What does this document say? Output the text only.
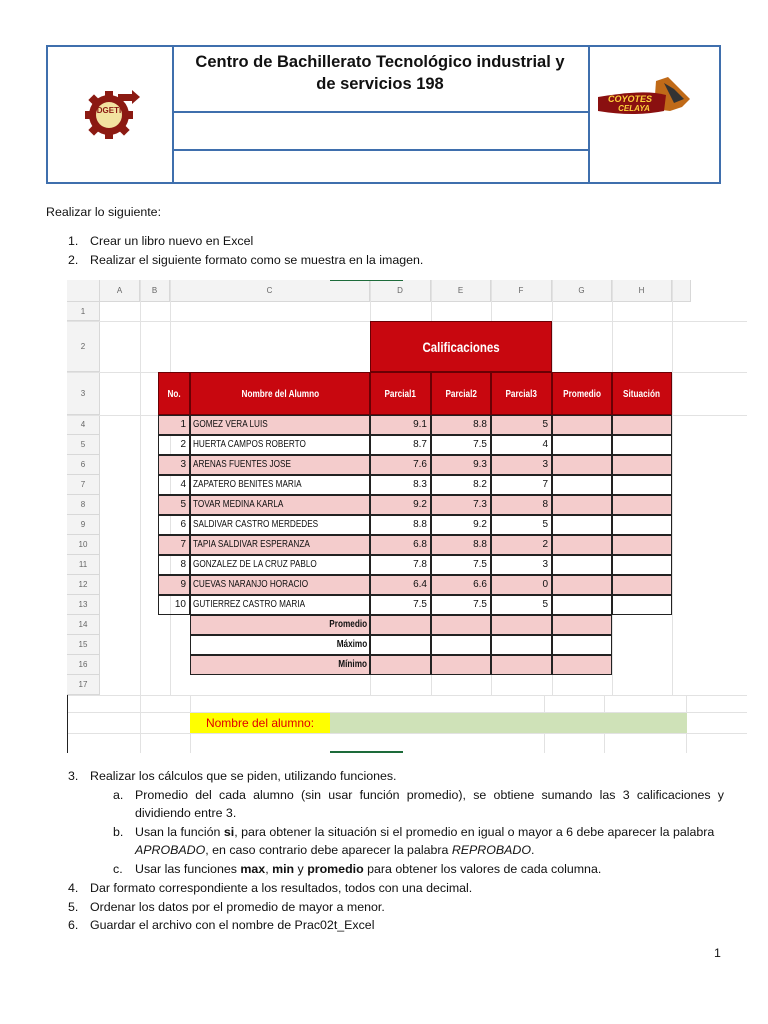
DGETI
Centro de Bachillerato Tecnológico industrial y
de servicios 198
COYOTES
CELAYA
Realizar lo siguiente:
1. Crear un libro nuevo en Excel
2. Realizar el siguiente formato como se muestra en la imagen.
A	B	C	D	E	F	G	H
1
2
3
4
5
6
7
8
9
10
11
12
13
14
15
16
17
Calificaciones
No.	Nombre del Alumno	Parcial1	Parcial2	Parcial3	Promedio	Situación
1 GOMEZ VERA LUIS	9.1	8.8	5
2 HUERTA CAMPOS ROBERTO	8.7	7.5	4
3 ARENAS FUENTES JOSE	7.6	9.3	3
4 ZAPATERO BENITES MARIA	8.3	8.2	7
5 TOVAR MEDINA KARLA	9.2	7.3	8
6 SALDIVAR CASTRO MERDEDES	8.8	9.2	5
7 TAPIA SALDIVAR ESPERANZA	6.8	8.8	2
8 GONZALEZ DE LA CRUZ PABLO	7.8	7.5	3
9 CUEVAS NARANJO HORACIO	6.4	6.6	0
10 GUTIERREZ CASTRO MARIA	7.5	7.5	5
Promedio
Máximo
Mínimo
Nombre del alumno:
3. Realizar los cálculos que se piden, utilizando funciones.
a. Promedio del cada alumno (sin usar función promedio), se obtiene sumando las 3 calificaciones y dividiendo entre 3.
b. Usan la función si, para obtener la situación si el promedio en igual o mayor a 6 debe aparecer la palabra APROBADO, en caso contrario debe aparecer la palabra REPROBADO.
c. Usar las funciones max, min y promedio para obtener los valores de cada columna.
4. Dar formato correspondiente a los resultados, todos con una decimal.
5. Ordenar los datos por el promedio de mayor a menor.
6. Guardar el archivo con el nombre de Prac02t_Excel
1
